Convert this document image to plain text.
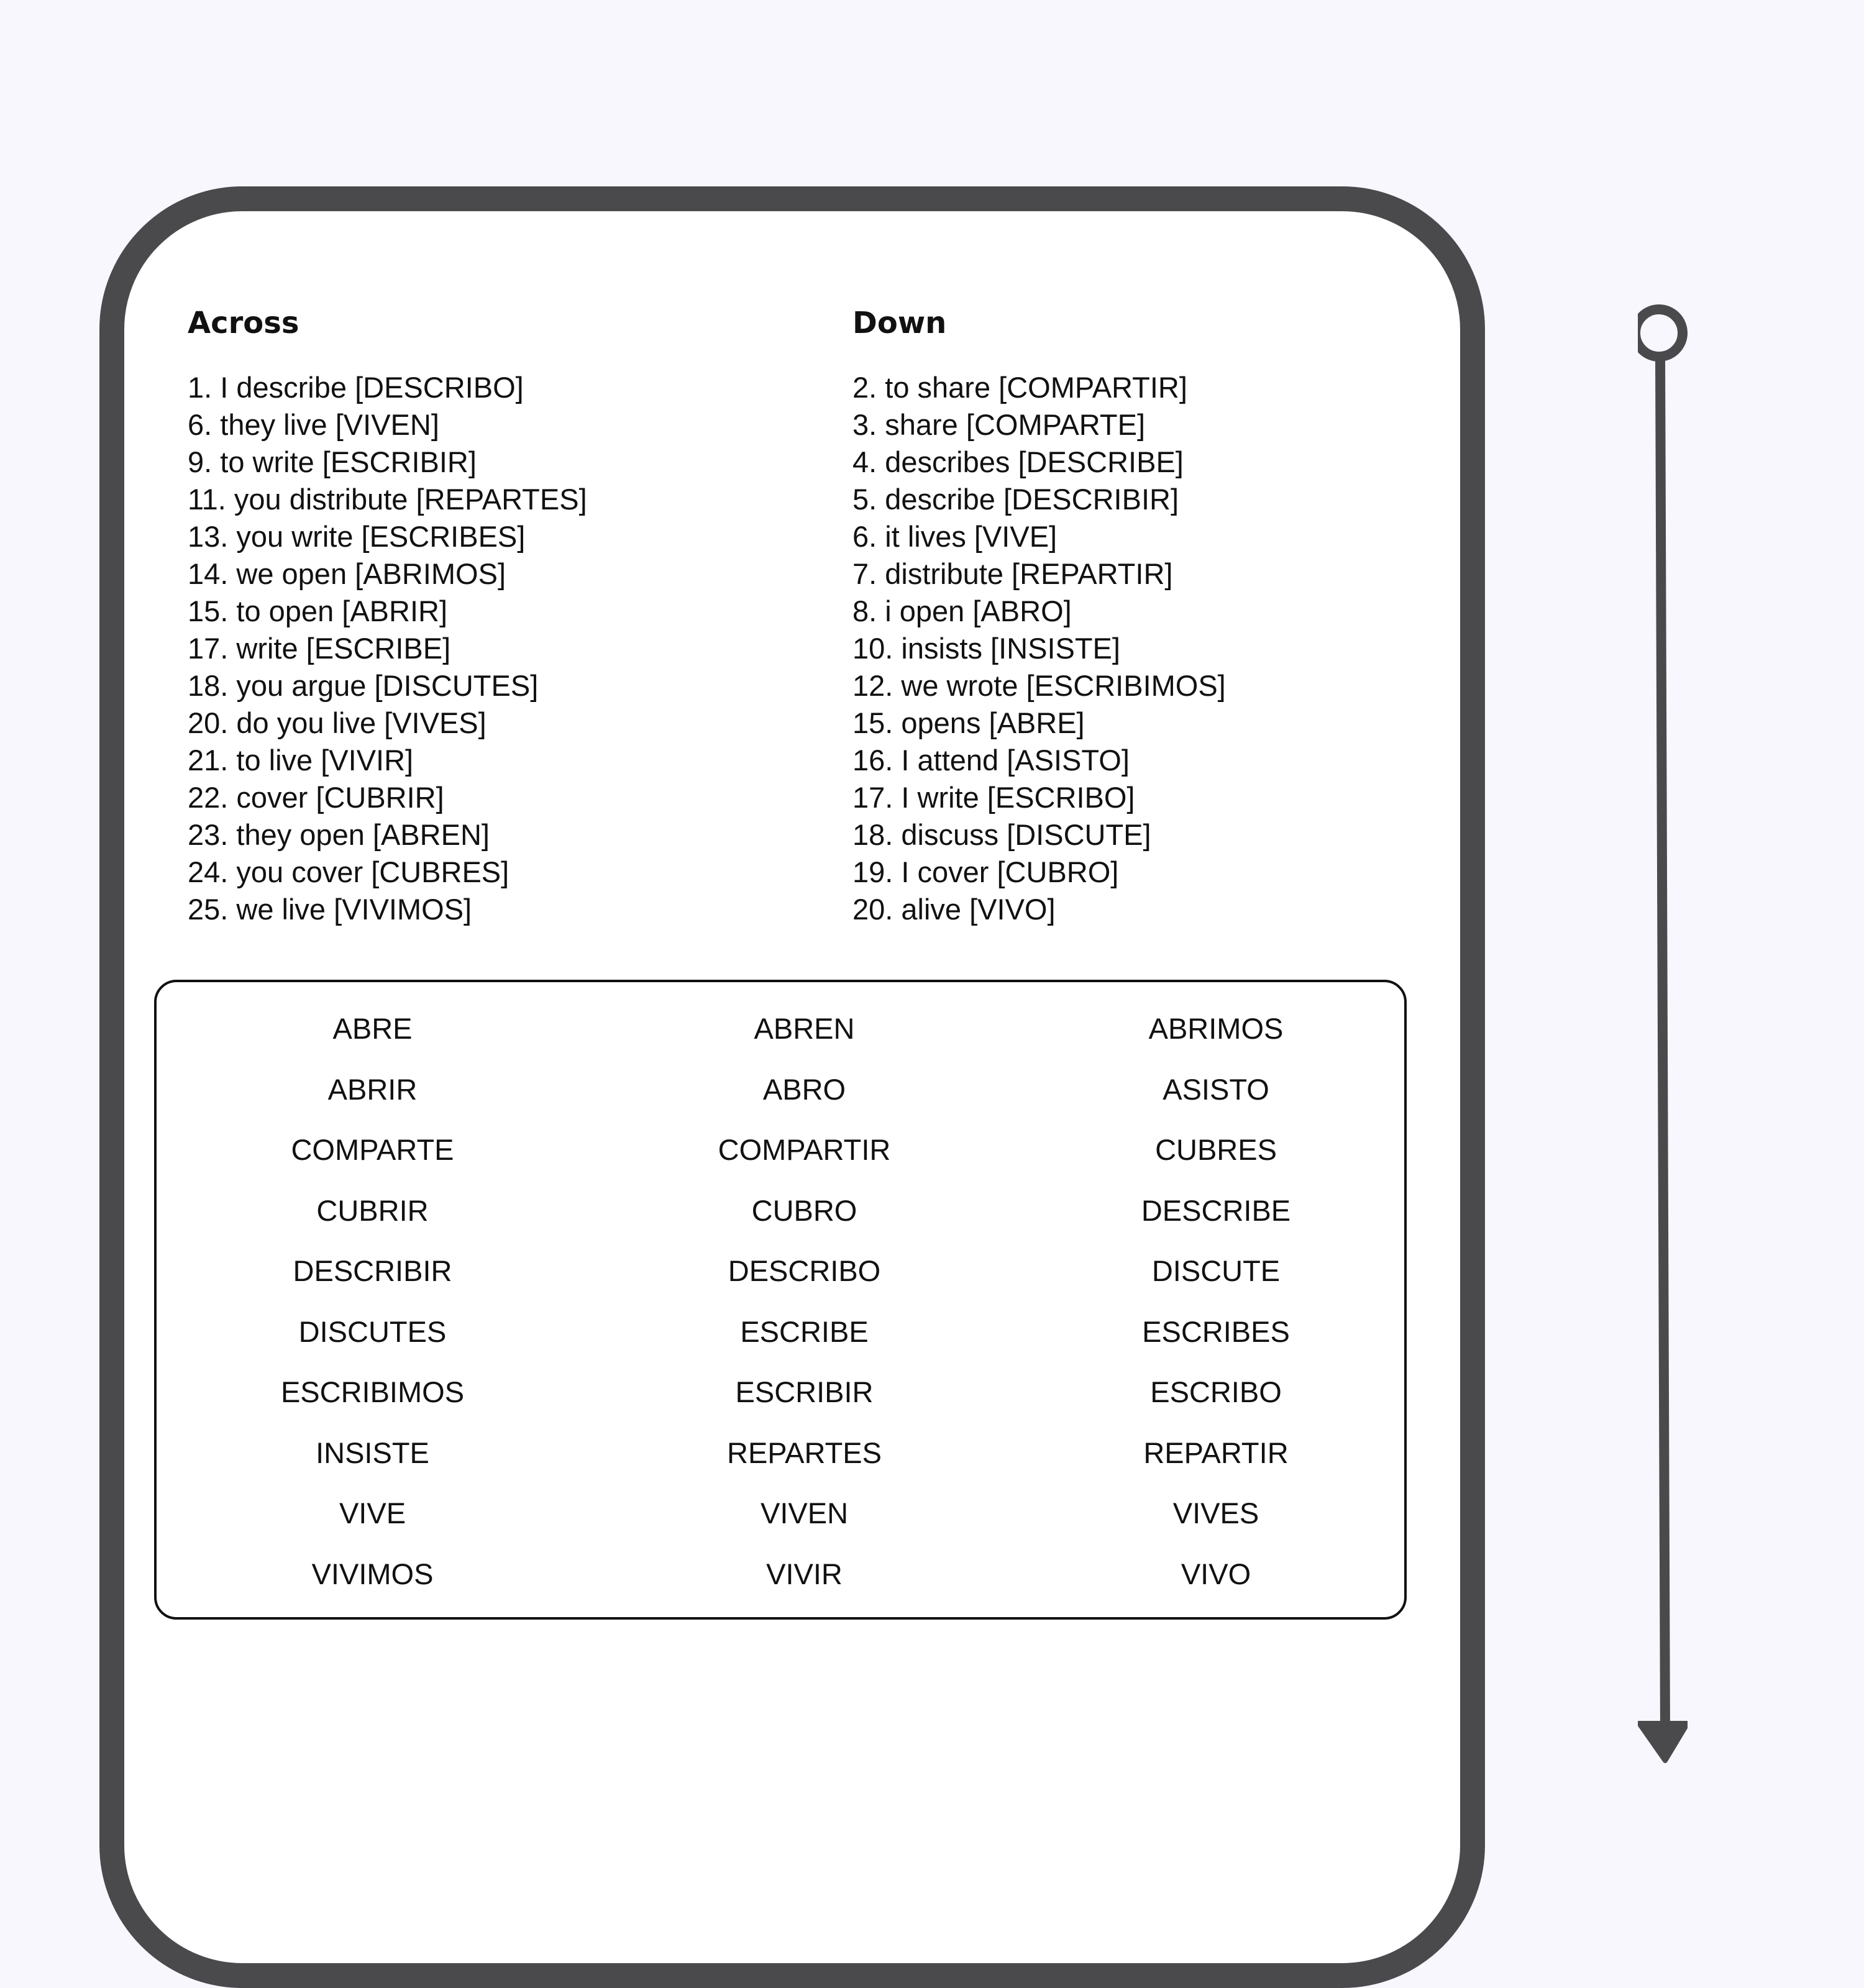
Across
1. I describe [DESCRIBO]
6. they live [VIVEN]
9. to write [ESCRIBIR]
11. you distribute [REPARTES]
13. you write [ESCRIBES]
14. we open [ABRIMOS]
15. to open [ABRIR]
17. write [ESCRIBE]
18. you argue [DISCUTES]
20. do you live [VIVES]
21. to live [VIVIR]
22. cover [CUBRIR]
23. they open [ABREN]
24. you cover [CUBRES]
25. we live [VIVIMOS]
Down
2. to share [COMPARTIR]
3. share [COMPARTE]
4. describes [DESCRIBE]
5. describe [DESCRIBIR]
6. it lives [VIVE]
7. distribute [REPARTIR]
8. i open [ABRO]
10. insists [INSISTE]
12. we wrote [ESCRIBIMOS]
15. opens [ABRE]
16. I attend [ASISTO]
17. I write [ESCRIBO]
18. discuss [DISCUTE]
19. I cover [CUBRO]
20. alive [VIVO]
ABRE	ABREN	ABRIMOS
ABRIR	ABRO	ASISTO
COMPARTE	COMPARTIR	CUBRES
CUBRIR	CUBRO	DESCRIBE
DESCRIBIR	DESCRIBO	DISCUTE
DISCUTES	ESCRIBE	ESCRIBES
ESCRIBIMOS	ESCRIBIR	ESCRIBO
INSISTE	REPARTES	REPARTIR
VIVE	VIVEN	VIVES
VIVIMOS	VIVIR	VIVO
